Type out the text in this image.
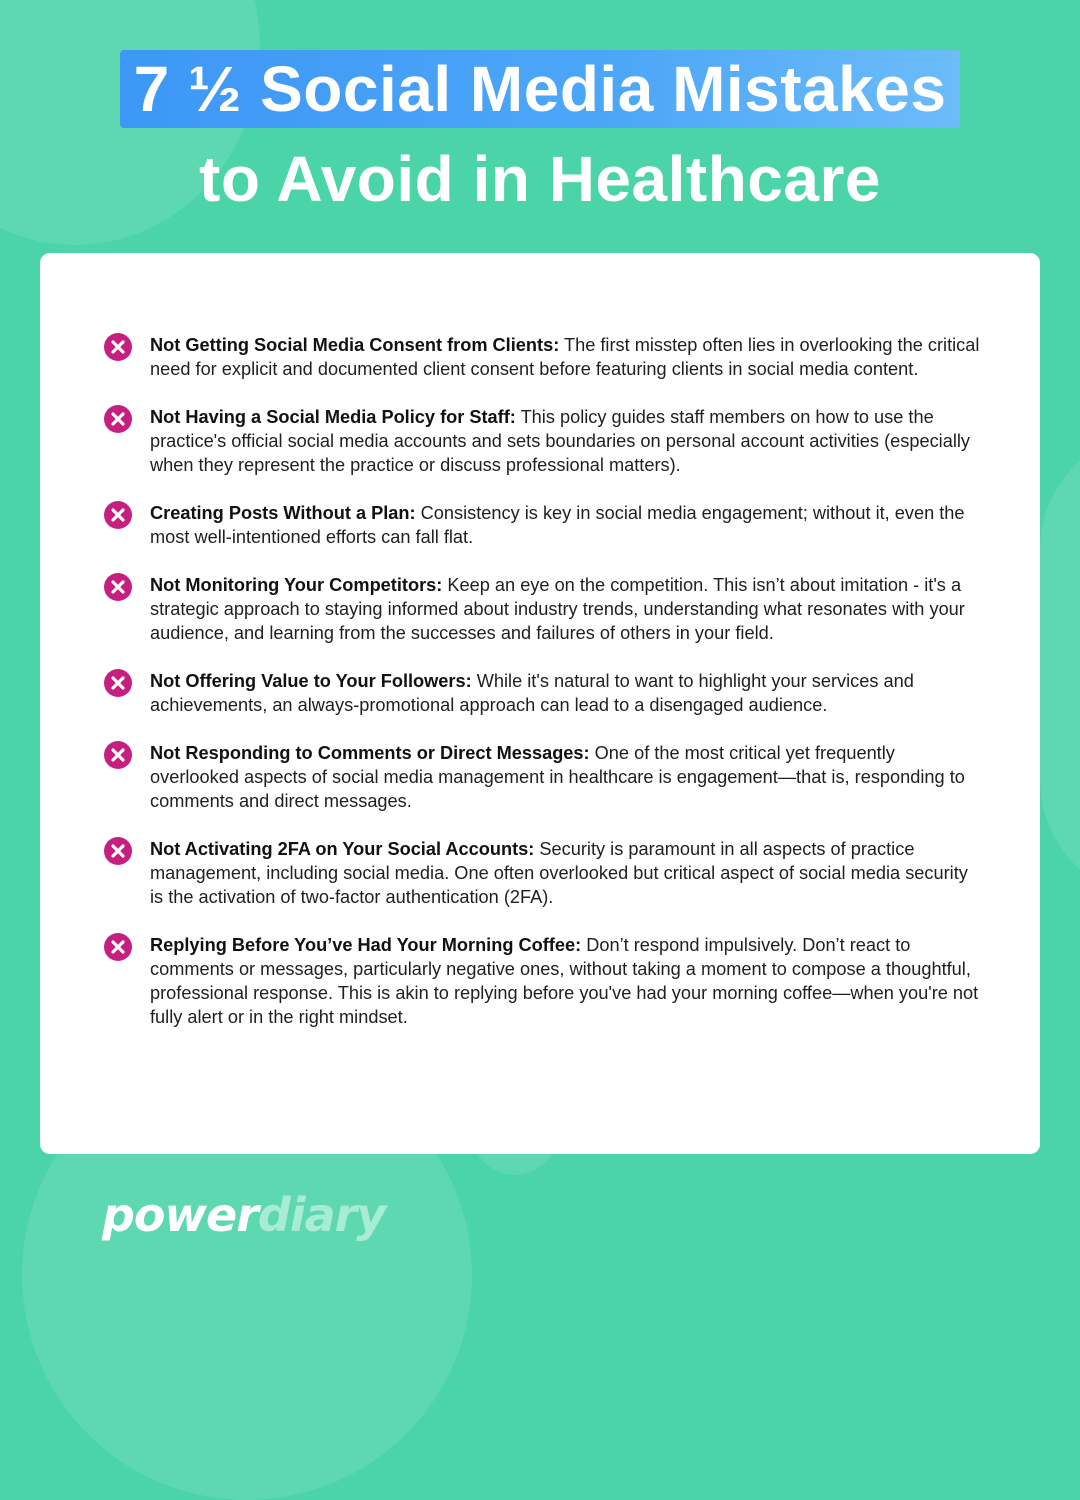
7 ½ Social Media Mistakes
to Avoid in Healthcare
Not Getting Social Media Consent from Clients: The first misstep often lies in overlooking the critical need for explicit and documented client consent before featuring clients in social media content.
Not Having a Social Media Policy for Staff: This policy guides staff members on how to use the practice's official social media accounts and sets boundaries on personal account activities (especially when they represent the practice or discuss professional matters).
Creating Posts Without a Plan: Consistency is key in social media engagement; without it, even the most well-intentioned efforts can fall flat.
Not Monitoring Your Competitors: Keep an eye on the competition. This isn’t about imitation - it's a strategic approach to staying informed about industry trends, understanding what resonates with your audience, and learning from the successes and failures of others in your field.
Not Offering Value to Your Followers: While it's natural to want to highlight your services and achievements, an always-promotional approach can lead to a disengaged audience.
Not Responding to Comments or Direct Messages: One of the most critical yet frequently overlooked aspects of social media management in healthcare is engagement—that is, responding to comments and direct messages.
Not Activating 2FA on Your Social Accounts: Security is paramount in all aspects of practice management, including social media. One often overlooked but critical aspect of social media security is the activation of two-factor authentication (2FA).
Replying Before You’ve Had Your Morning Coffee: Don’t respond impulsively. Don’t react to comments or messages, particularly negative ones, without taking a moment to compose a thoughtful, professional response. This is akin to replying before you've had your morning coffee—when you're not fully alert or in the right mindset.
powerdiary
